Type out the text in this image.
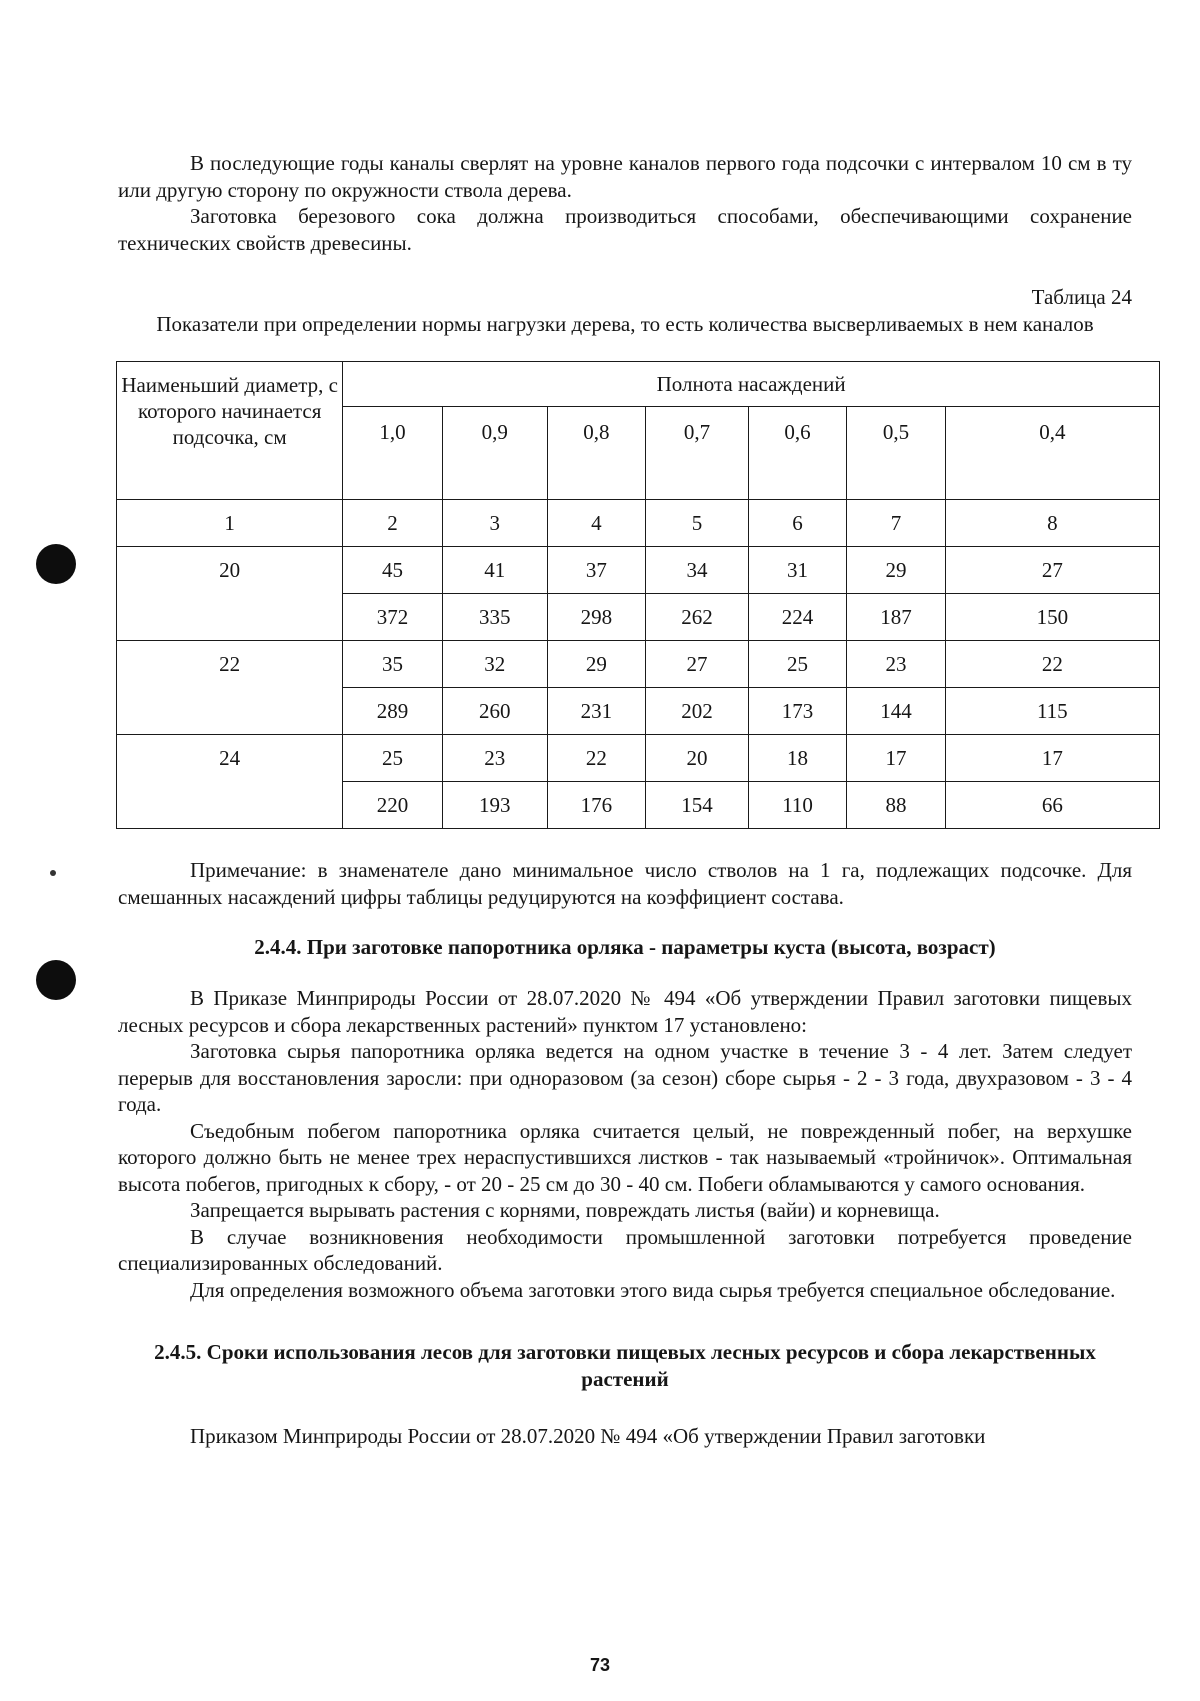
В последующие годы каналы сверлят на уровне каналов первого года подсочки с интервалом 10 см в ту или другую сторону по окружности ствола дерева.

Заготовка березового сока должна производиться способами, обеспечивающими сохранение технических свойств древесины.

Таблица 24
Показатели при определении нормы нагрузки дерева, то есть количества высверливаемых в нем каналов
Наименьший диаметр, с которого начинается подсочка, см	Полнота насаждений						
	1,0	0,9	0,8	0,7	0,6	0,5	0,4
1	2	3	4	5	6	7	8
20	45	41	37	34	31	29	27
	372	335	298	262	224	187	150
22	35	32	29	27	25	23	22
	289	260	231	202	173	144	115
24	25	23	22	20	18	17	17
	220	193	176	154	110	88	66

Примечание: в знаменателе дано минимальное число стволов на 1 га, подлежащих подсочке. Для смешанных насаждений цифры таблицы редуцируются на коэффициент состава.

2.4.4. При заготовке папоротника орляка - параметры куста (высота, возраст)

В Приказе Минприроды России от 28.07.2020 № 494 «Об утверждении Правил заготовки пищевых лесных ресурсов и сбора лекарственных растений» пунктом 17 установлено:

Заготовка сырья папоротника орляка ведется на одном участке в течение 3 - 4 лет. Затем следует перерыв для восстановления заросли: при одноразовом (за сезон) сборе сырья - 2 - 3 года, двухразовом - 3 - 4 года.

Съедобным побегом папоротника орляка считается целый, не поврежденный побег, на верхушке которого должно быть не менее трех нераспустившихся листков - так называемый «тройничок». Оптимальная высота побегов, пригодных к сбору, - от 20 - 25 см до 30 - 40 см. Побеги обламываются у самого основания.

Запрещается вырывать растения с корнями, повреждать листья (вайи) и корневища.

В случае возникновения необходимости промышленной заготовки потребуется проведение специализированных обследований.

Для определения возможного объема заготовки этого вида сырья требуется специальное обследование.

2.4.5. Сроки использования лесов для заготовки пищевых лесных ресурсов и сбора лекарственных растений

Приказом Минприроды России от 28.07.2020 № 494 «Об утверждении Правил заготовки

73
